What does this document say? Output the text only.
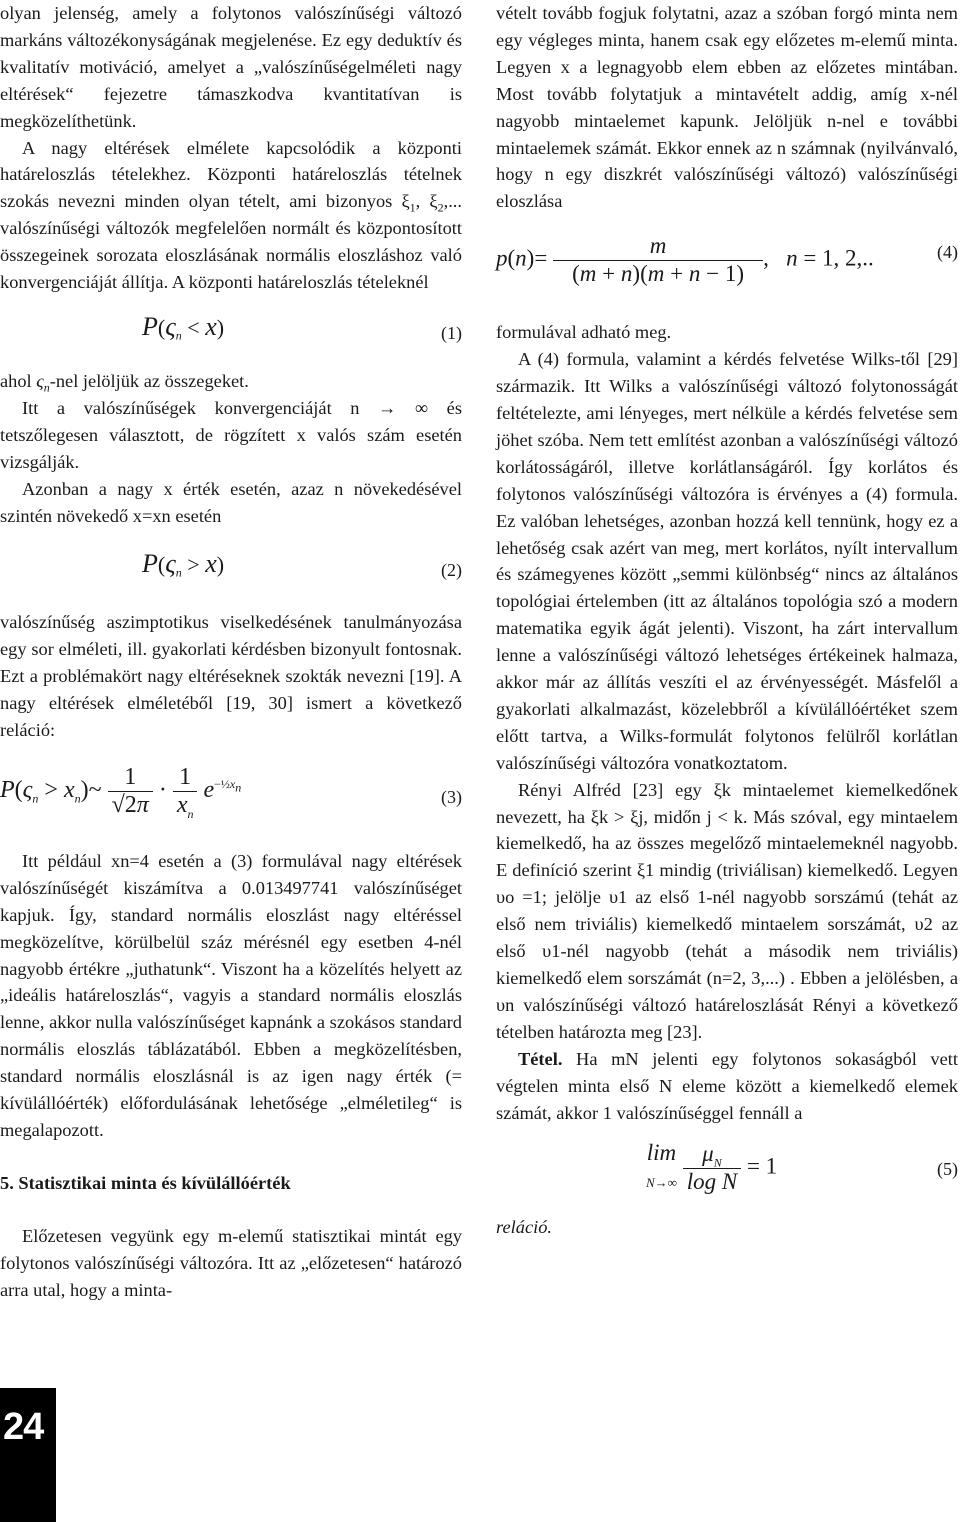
olyan jelenség, amely a folytonos valószínűségi változó markáns változékonyságának megjelenése. Ez egy deduktív és kvalitatív motiváció, amelyet a „valószínűségelméleti nagy eltérések“ fejezetre támaszkodva kvantitatívan is megközelíthetünk.

A nagy eltérések elmélete kapcsolódik a központi határeloszlás tételekhez. Központi határeloszlás tételnek szokás nevezni minden olyan tételt, ami bizonyos $\xi_1$, $\xi_2$,... valószínűségi változók megfelelően normált és központosított összegeinek sorozata eloszlásának normális eloszláshoz való konvergenciáját állítja. A központi határeloszlás tételeknél

$P(\varsigma_n < x)$	(1)

ahol $\varsigma_n$-nel jelöljük az összegeket.

Itt a valószínűségek konvergenciáját n → ∞ és tetszőlegesen választott, de rögzített x valós szám esetén vizsgálják.

Azonban a nagy x érték esetén, azaz n növekedésével szintén növekedő x=xn esetén

$P(\varsigma_n > x)$	(2)

valószínűség aszimptotikus viselkedésének tanulmányozása egy sor elméleti, ill. gyakorlati kérdésben bizonyult fontosnak. Ezt a problémakört nagy eltéréseknek szokták nevezni [19]. A nagy eltérések elméletéből [19, 30] ismert a következő reláció:

$P(\varsigma_n$ > $x_n)\sim \frac{1}{√2\pi} \cdot \frac{1}{x_n} e^{-\frac{1}{2}x_n}$	(3)

Itt például xn=4 esetén a (3) formulával nagy eltérések valószínűségét kiszámítva a 0.013497741 valószínűséget kapjuk. Így, standard normális eloszlást nagy eltéréssel megközelítve, körülbelül száz mérésnél egy esetben 4-nél nagyobb értékre „juthatunk“. Viszont ha a közelítés helyett az „ideális határeloszlás“, vagyis a standard normális eloszlás lenne, akkor nulla valószínűséget kapnánk a szokásos standard normális eloszlás táblázatából. Ebben a megközelítésben, standard normális eloszlásnál is az igen nagy érték (= kívülállóérték) előfordulásának lehetősége „elméletileg“ is megalapozott.

5. Statisztikai minta és kívülállóérték

Előzetesen vegyünk egy m-elemű statisztikai mintát egy folytonos valószínűségi változóra. Itt az „előzetesen“ határozó arra utal, hogy a minta-

vételt tovább fogjuk folytatni, azaz a szóban forgó minta nem egy végleges minta, hanem csak egy előzetes m-elemű minta. Legyen x a legnagyobb elem ebben az előzetes mintában. Most tovább folytatjuk a mintavételt addig, amíg x-nél nagyobb mintaelemet kapunk. Jelöljük n-nel e további mintaelemek számát. Ekkor ennek az n számnak (nyilvánvaló, hogy n egy diszkrét valószínűségi változó) valószínűségi eloszlása

$p(n)= \frac{m}{(m + n)(m + n - 1)}$ ,   n = 1, 2,..	(4)

formulával adható meg.

A (4) formula, valamint a kérdés felvetése Wilks-től [29] származik. Itt Wilks a valószínűségi változó folytonosságát feltételezte, ami lényeges, mert nélküle a kérdés felvetése sem jöhet szóba. Nem tett említést azonban a valószínűségi változó korlátosságáról, illetve korlátlanságáról. Így korlátos és folytonos valószínűségi változóra is érvényes a (4) formula. Ez valóban lehetséges, azonban hozzá kell tennünk, hogy ez a lehetőség csak azért van meg, mert korlátos, nyílt intervallum és számegyenes között „semmi különbség“ nincs az általános topológiai értelemben (itt az általános topológia szó a modern matematika egyik ágát jelenti). Viszont, ha zárt intervallum lenne a valószínűségi változó lehetséges értékeinek halmaza, akkor már az állítás veszíti el az érvényességét. Másfelől a gyakorlati alkalmazást, közelebbről a kívülállóértéket szem előtt tartva, a Wilks-formulát folytonos felülről korlátlan valószínűségi változóra vonatkoztatom.

Rényi Alfréd [23] egy ξk mintaelemet kiemelkedőnek nevezett, ha ξk > ξj, midőn j < k. Más szóval, egy mintaelem kiemelkedő, ha az összes megelőző mintaelemeknél nagyobb. E definíció szerint ξ1 mindig (triviálisan) kiemelkedő. Legyen υo =1; jelölje υ1 az első 1-nél nagyobb sorszámú (tehát az első nem triviális) kiemelkedő mintaelem sorszámát, υ2 az első υ1-nél nagyobb (tehát a második nem triviális) kiemelkedő elem sorszámát (n=2, 3,...) . Ebben a jelölésben, a υn valószínűségi változó határeloszlását Rényi a következő tételben határozta meg [23].

Tétel. Ha mN jelenti egy folytonos sokaságból vett végtelen minta első N eleme között a kiemelkedő elemek számát, akkor 1 valószínűséggel fennáll a

lim
$N\to\infty \frac{\mu_N}{\text{log N}} = 1$	(5)

reláció.

24
